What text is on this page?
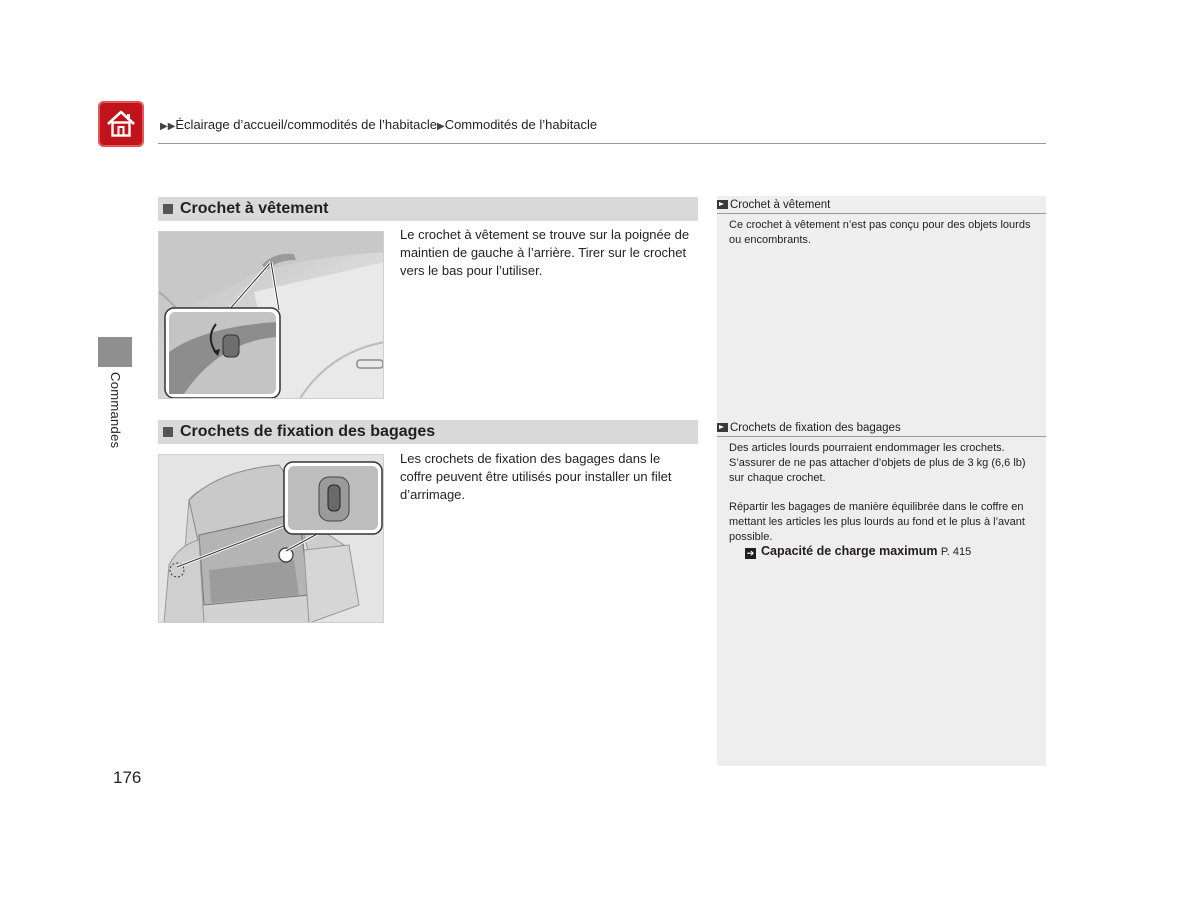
▶▶Éclairage d’accueil/commodités de l’habitacle▶Commodités de l’habitacle
Commandes
Crochet à vêtement
Le crochet à vêtement se trouve sur la poignée de maintien de gauche à l’arrière. Tirer sur le crochet vers le bas pour l’utiliser.
Crochets de fixation des bagages
Les crochets de fixation des bagages dans le coffre peuvent être utilisés pour installer un filet d’arrimage.
Crochet à vêtement
Ce crochet à vêtement n’est pas conçu pour des objets lourds ou encombrants.
Crochets de fixation des bagages
Des articles lourds pourraient endommager les crochets. S’assurer de ne pas attacher d’objets de plus de 3 kg (6,6 lb) sur chaque crochet.
Répartir les bagages de manière équilibrée dans le coffre en mettant les articles les plus lourds au fond et le plus à l’avant possible.
➔ Capacité de charge maximum P. 415
176
